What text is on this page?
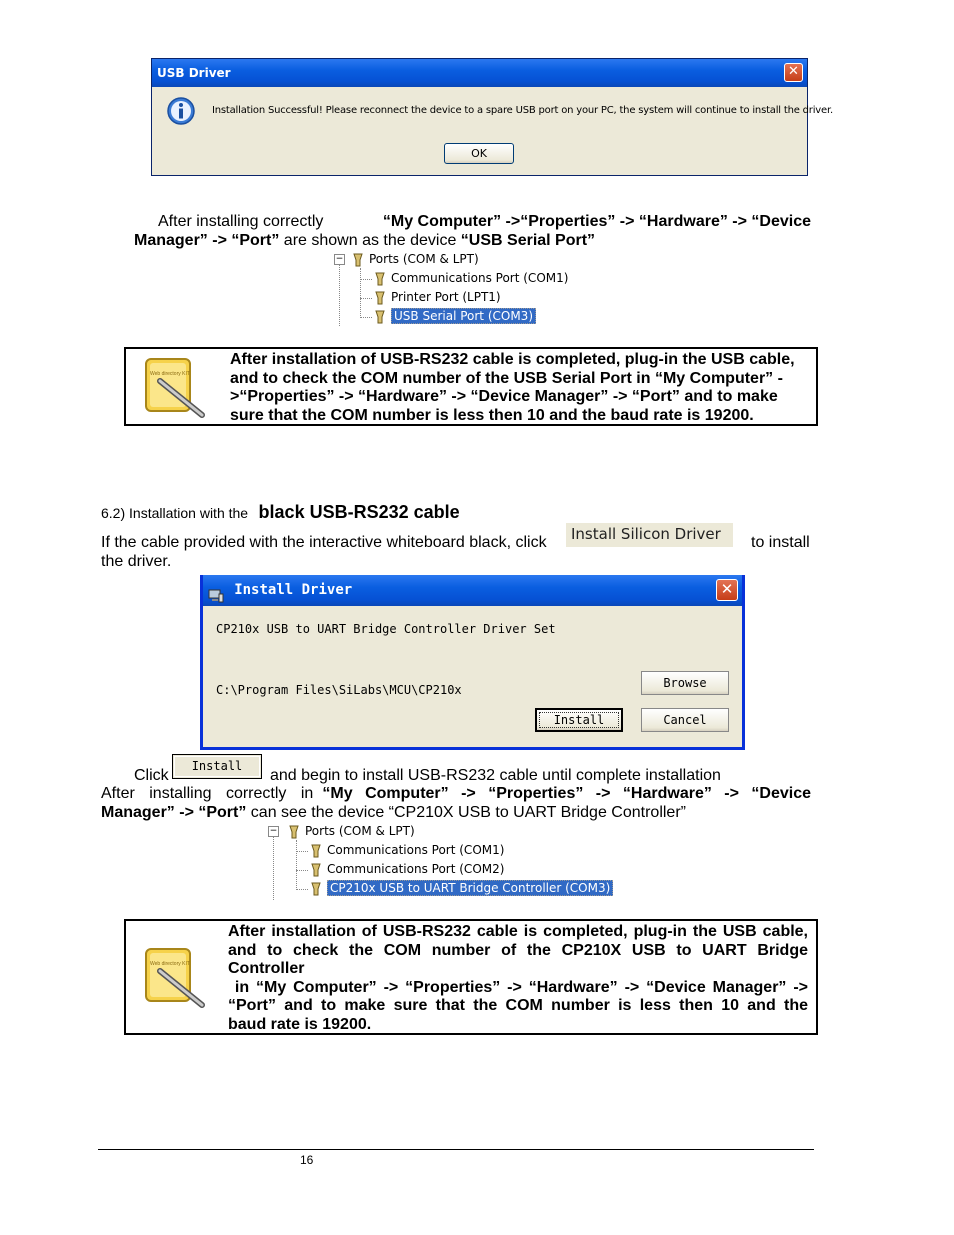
USB Driver	✕
Installation Successful! Please reconnect the device to a spare USB port on your PC, the system will continue to install the driver.
OK
After installing correctly	“My Computer” ->“Properties” -> “Hardware” -> “Device
Manager” -> “Port” are shown as the device “USB Serial Port”
−	Ports (COM & LPT)
Communications Port (COM1)
Printer Port (LPT1)
USB Serial Port (COM3)
Web directory KIT
After installation of USB-RS232 cable is completed, plug-in the USB cable,
and to check the COM number of the USB Serial Port in “My Computer” -
>“Properties” -> “Hardware” -> “Device Manager” -> “Port” and to make
sure that the COM number is less then 10 and the baud rate is 19200.
6.2) Installation with the black USB-RS232 cable
If the cable provided with the interactive whiteboard black, click	Install Silicon Driver	to install
the driver.
Install Driver	✕
CP210x USB to UART Bridge Controller Driver Set
C:\Program Files\SiLabs\MCU\CP210x	Browse
Install	Cancel
Click
Install
and begin to install USB-RS232 cable until complete installation
After installing correctly in “My Computer” -> “Properties” -> “Hardware” -> “Device
Manager” -> “Port” can see the device “CP210X USB to UART Bridge Controller”
−	Ports (COM & LPT)
Communications Port (COM1)
Communications Port (COM2)
CP210x USB to UART Bridge Controller (COM3)
Web directory KIT
After installation of USB-RS232 cable is completed, plug-in the USB cable,
and to check the COM number of the CP210X USB to UART Bridge
Controller
in “My Computer” -> “Properties” -> “Hardware” -> “Device Manager” ->
“Port” and to make sure that the COM number is less then 10 and the
baud rate is 19200.
16
